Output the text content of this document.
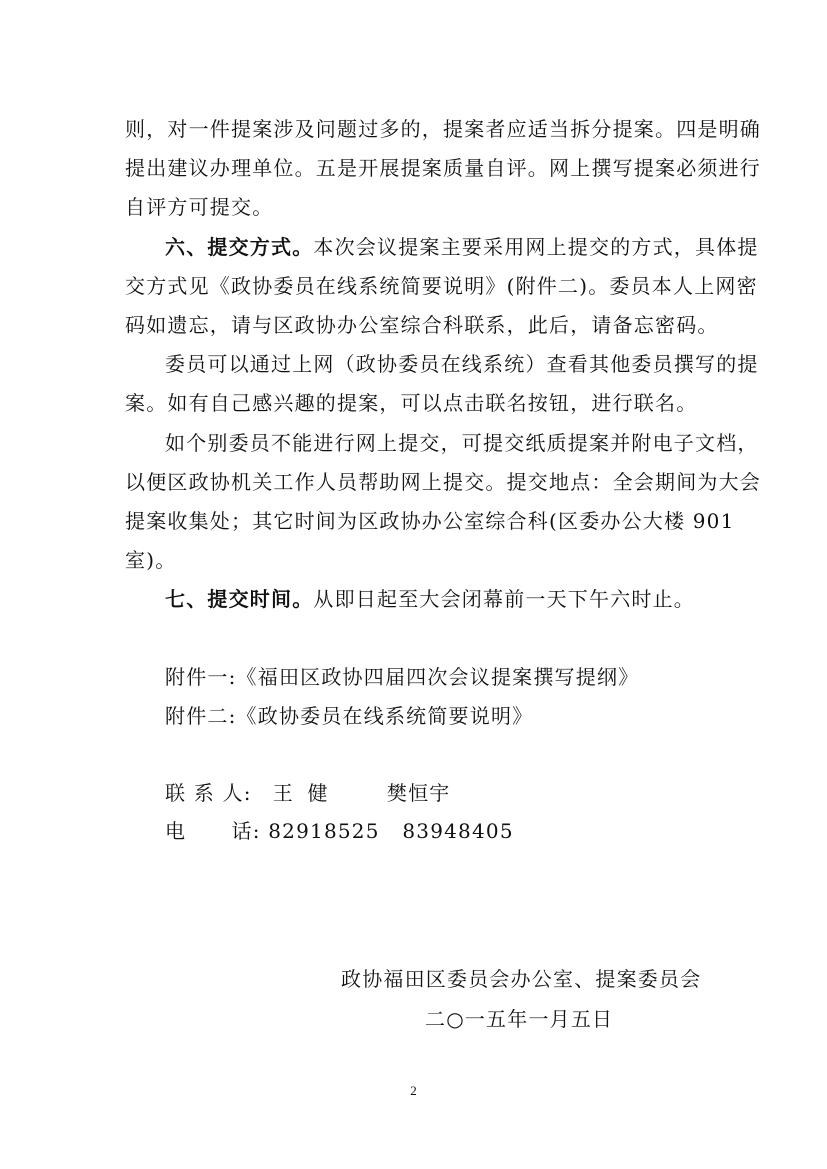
则，对一件提案涉及问题过多的，提案者应适当拆分提案。四是明确
提出建议办理单位。五是开展提案质量自评。网上撰写提案必须进行
自评方可提交。
六、提交方式。本次会议提案主要采用网上提交的方式，具体提
交方式见《政协委员在线系统简要说明》(附件二)。委员本人上网密
码如遗忘，请与区政协办公室综合科联系，此后，请备忘密码。
委员可以通过上网（政协委员在线系统）查看其他委员撰写的提
案。如有自己感兴趣的提案，可以点击联名按钮，进行联名。
如个别委员不能进行网上提交，可提交纸质提案并附电子文档，
以便区政协机关工作人员帮助网上提交。提交地点：全会期间为大会
提案收集处；其它时间为区政协办公室综合科(区委办公大楼 901
室)。
七、提交时间。从即日起至大会闭幕前一天下午六时止。
附件一:《福田区政协四届四次会议提案撰写提纲》
附件二:《政协委员在线系统简要说明》
联 系 人: 王 健	樊恒宇
电      话: 82918525 83948405
政协福田区委员会办公室、提案委员会
二○一五年一月五日
2
